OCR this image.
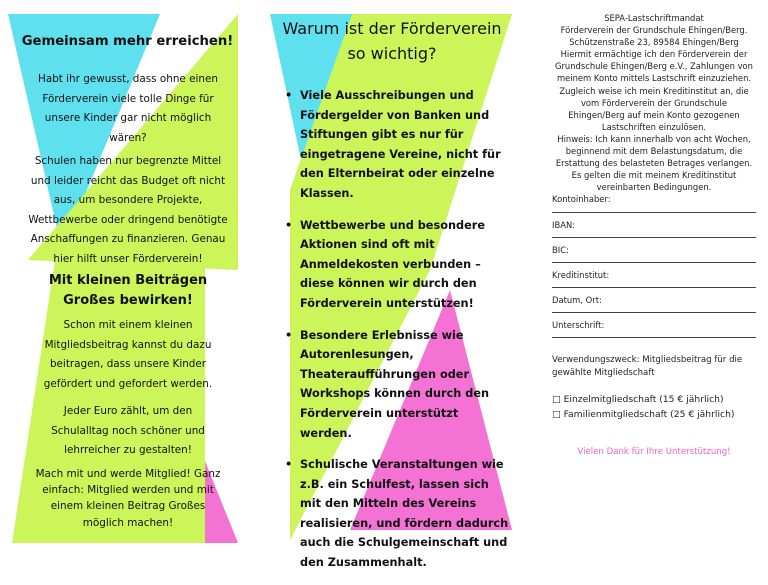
Gemeinsam mehr erreichen!

Habt ihr gewusst, dass ohne einen Förderverein viele tolle Dinge für unsere Kinder gar nicht möglich wären?

Schulen haben nur begrenzte Mittel und leider reicht das Budget oft nicht aus, um besondere Projekte, Wettbewerbe oder dringend benötigte Anschaffungen zu finanzieren. Genau hier hilft unser Förderverein!

Mit kleinen Beiträgen Großes bewirken!

Schon mit einem kleinen Mitgliedsbeitrag kannst du dazu beitragen, dass unsere Kinder gefördert und gefordert werden.

Jeder Euro zählt, um den Schulalltag noch schöner und lehrreicher zu gestalten!

Mach mit und werde Mitglied! Ganz einfach: Mitglied werden und mit einem kleinen Beitrag Großes möglich machen!

Warum ist der Förderverein so wichtig?
• Viele Ausschreibungen und Fördergelder von Banken und Stiftungen gibt es nur für eingetragene Vereine, nicht für den Elternbeirat oder einzelne Klassen.
• Wettbewerbe und besondere Aktionen sind oft mit Anmeldekosten verbunden – diese können wir durch den Förderverein unterstützen!
• Besondere Erlebnisse wie Autorenlesungen, Theateraufführungen oder Workshops können durch den Förderverein unterstützt werden.
• Schulische Veranstaltungen wie z.B. ein Schulfest, lassen sich mit den Mitteln des Vereins realisieren, und fördern dadurch auch die Schulgemeinschaft und den Zusammenhalt.
SEPA-Lastschriftmandat
Förderverein der Grundschule Ehingen/Berg.
Schützenstraße 23, 89584 Ehingen/Berg
Hiermit ermächtige ich den Förderverein der Grundschule Ehingen/Berg e.V., Zahlungen von meinem Konto mittels Lastschrift einzuziehen. Zugleich weise ich mein Kreditinstitut an, die vom Förderverein der Grundschule Ehingen/Berg auf mein Konto gezogenen Lastschriften einzulösen.
Hinweis: Ich kann innerhalb von acht Wochen, beginnend mit dem Belastungsdatum, die Erstattung des belasteten Betrages verlangen. Es gelten die mit meinem Kreditinstitut vereinbarten Bedingungen.
Kontoinhaber:
IBAN:
BIC:
Kreditinstitut:
Datum, Ort:
Unterschrift:
Verwendungszweck: Mitgliedsbeitrag für die gewählte Mitgliedschaft
□ Einzelmitgliedschaft (15 € jährlich)
□ Familienmitgliedschaft (25 € jährlich)
Vielen Dank für Ihre Unterstützung!
